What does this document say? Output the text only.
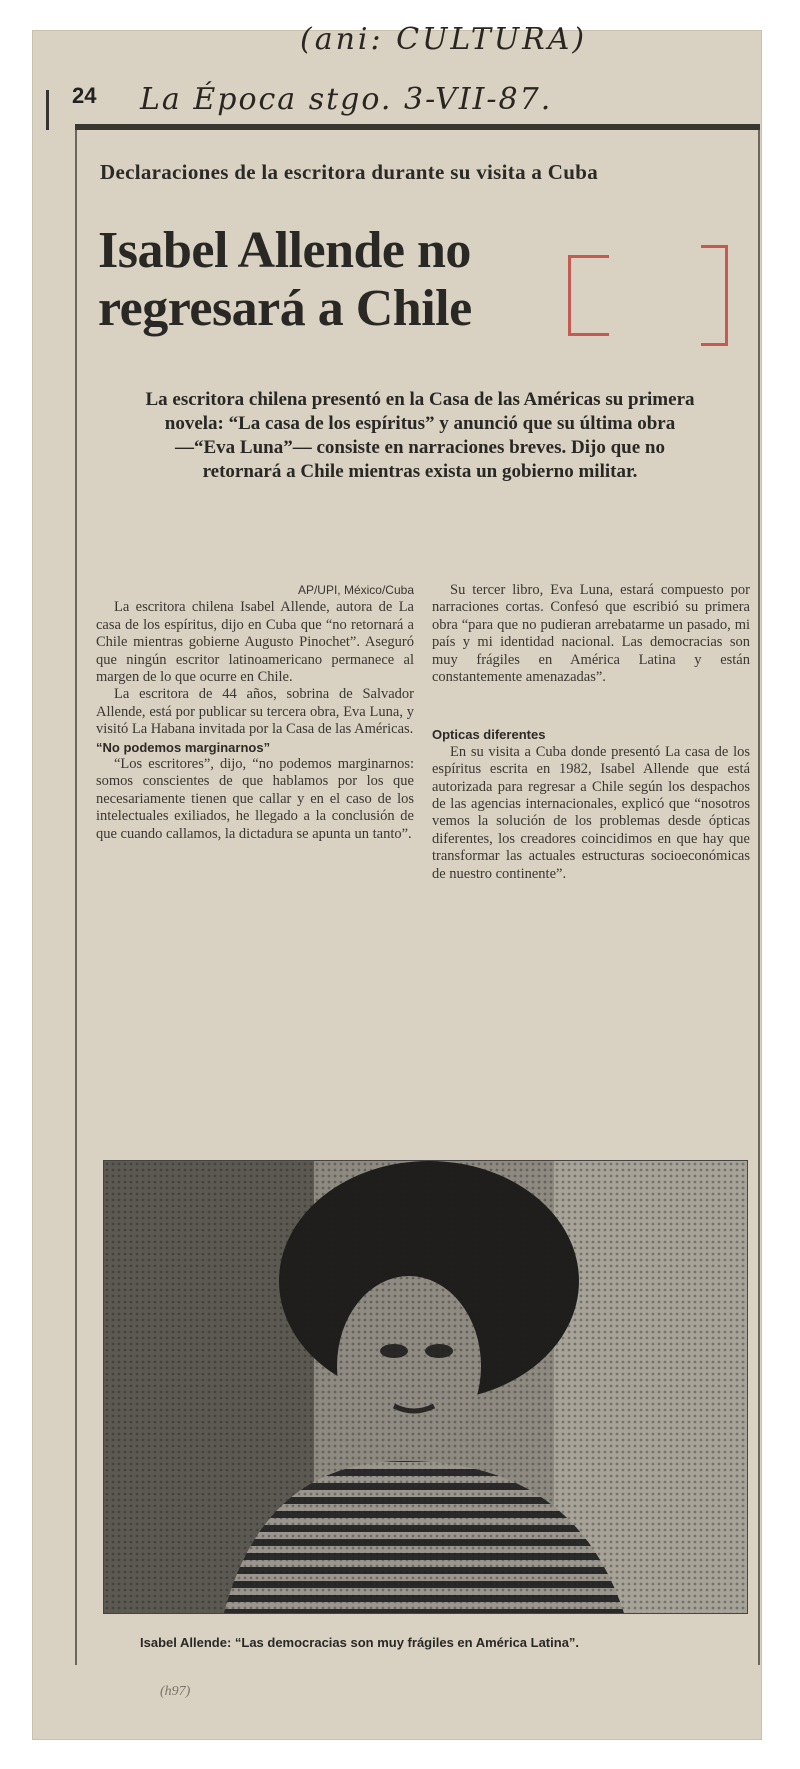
(ani: CULTURA)
24 La Época stgo. 3-VII-87.
Declaraciones de la escritora durante su visita a Cuba
Isabel Allende no
regresará a Chile
La escritora chilena presentó en la Casa de las Américas su primera novela: “La casa de los espíritus” y anunció que su última obra —“Eva Luna”— consiste en narraciones breves. Dijo que no retornará a Chile mientras exista un gobierno militar.

AP/UPI, México/Cuba

La escritora chilena Isabel Allende, autora de La casa de los espíritus, dijo en Cuba que “no retornará a Chile mientras gobierne Augusto Pinochet”. Aseguró que ningún escritor latinoamericano permanece al margen de lo que ocurre en Chile.

La escritora de 44 años, sobrina de Salvador Allende, está por publicar su tercera obra, Eva Luna, y visitó La Habana invitada por la Casa de las Américas.

“No podemos marginarnos”

“Los escritores”, dijo, “no podemos marginarnos: somos conscientes de que hablamos por los que necesariamente tienen que callar y en el caso de los intelectuales exiliados, he llegado a la conclusión de que cuando callamos, la dictadura se apunta un tanto”.

Su tercer libro, Eva Luna, estará compuesto por narraciones cortas. Confesó que escribió su primera obra “para que no pudieran arrebatarme un pasado, mi país y mi identidad nacional. Las democracias son muy frágiles en América Latina y están constantemente amenazadas”.

Opticas diferentes

En su visita a Cuba donde presentó La casa de los espíritus escrita en 1982, Isabel Allende que está autorizada para regresar a Chile según los despachos de las agencias internacionales, explicó que “nosotros vemos la solución de los problemas desde ópticas diferentes, los creadores coincidimos en que hay que transformar las actuales estructuras socioeconómicas de nuestro continente”.

Isabel Allende: “Las democracias son muy frágiles en América Latina”.
(h97)
